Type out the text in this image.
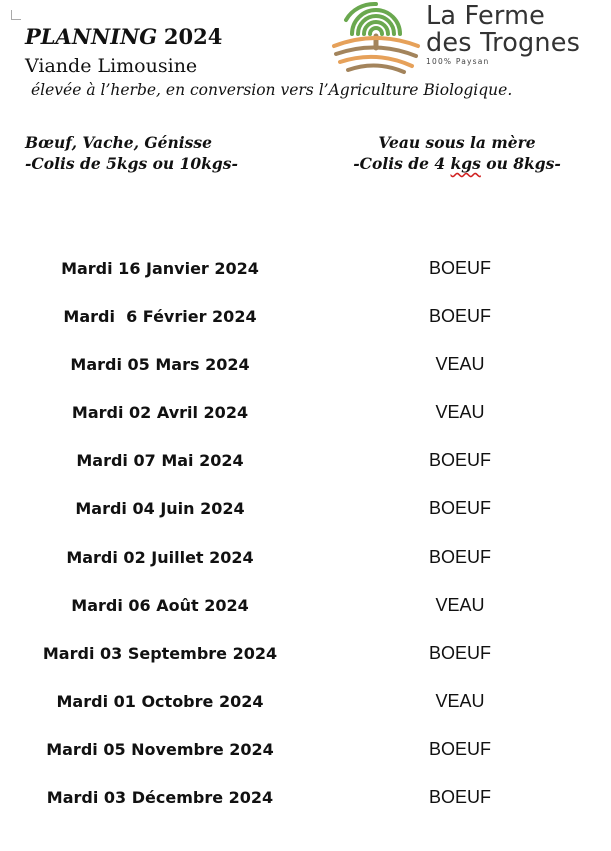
PLANNING 2024
Viande Limousine
élevée à l’herbe, en conversion vers l’Agriculture Biologique.
La Ferme
des Trognes
100% Paysan
Bœuf, Vache, Génisse
-Colis de 5kgs ou 10kgs-
Veau sous la mère
-Colis de 4 kgs ou 8kgs-
Mardi 16 Janvier 2024	BOEUF
Mardi  6 Février 2024	BOEUF
Mardi 05 Mars 2024	VEAU
Mardi 02 Avril 2024	VEAU
Mardi 07 Mai 2024	BOEUF
Mardi 04 Juin 2024	BOEUF
Mardi 02 Juillet 2024	BOEUF
Mardi 06 Août 2024	VEAU
Mardi 03 Septembre 2024	BOEUF
Mardi 01 Octobre 2024	VEAU
Mardi 05 Novembre 2024	BOEUF
Mardi 03 Décembre 2024	BOEUF
